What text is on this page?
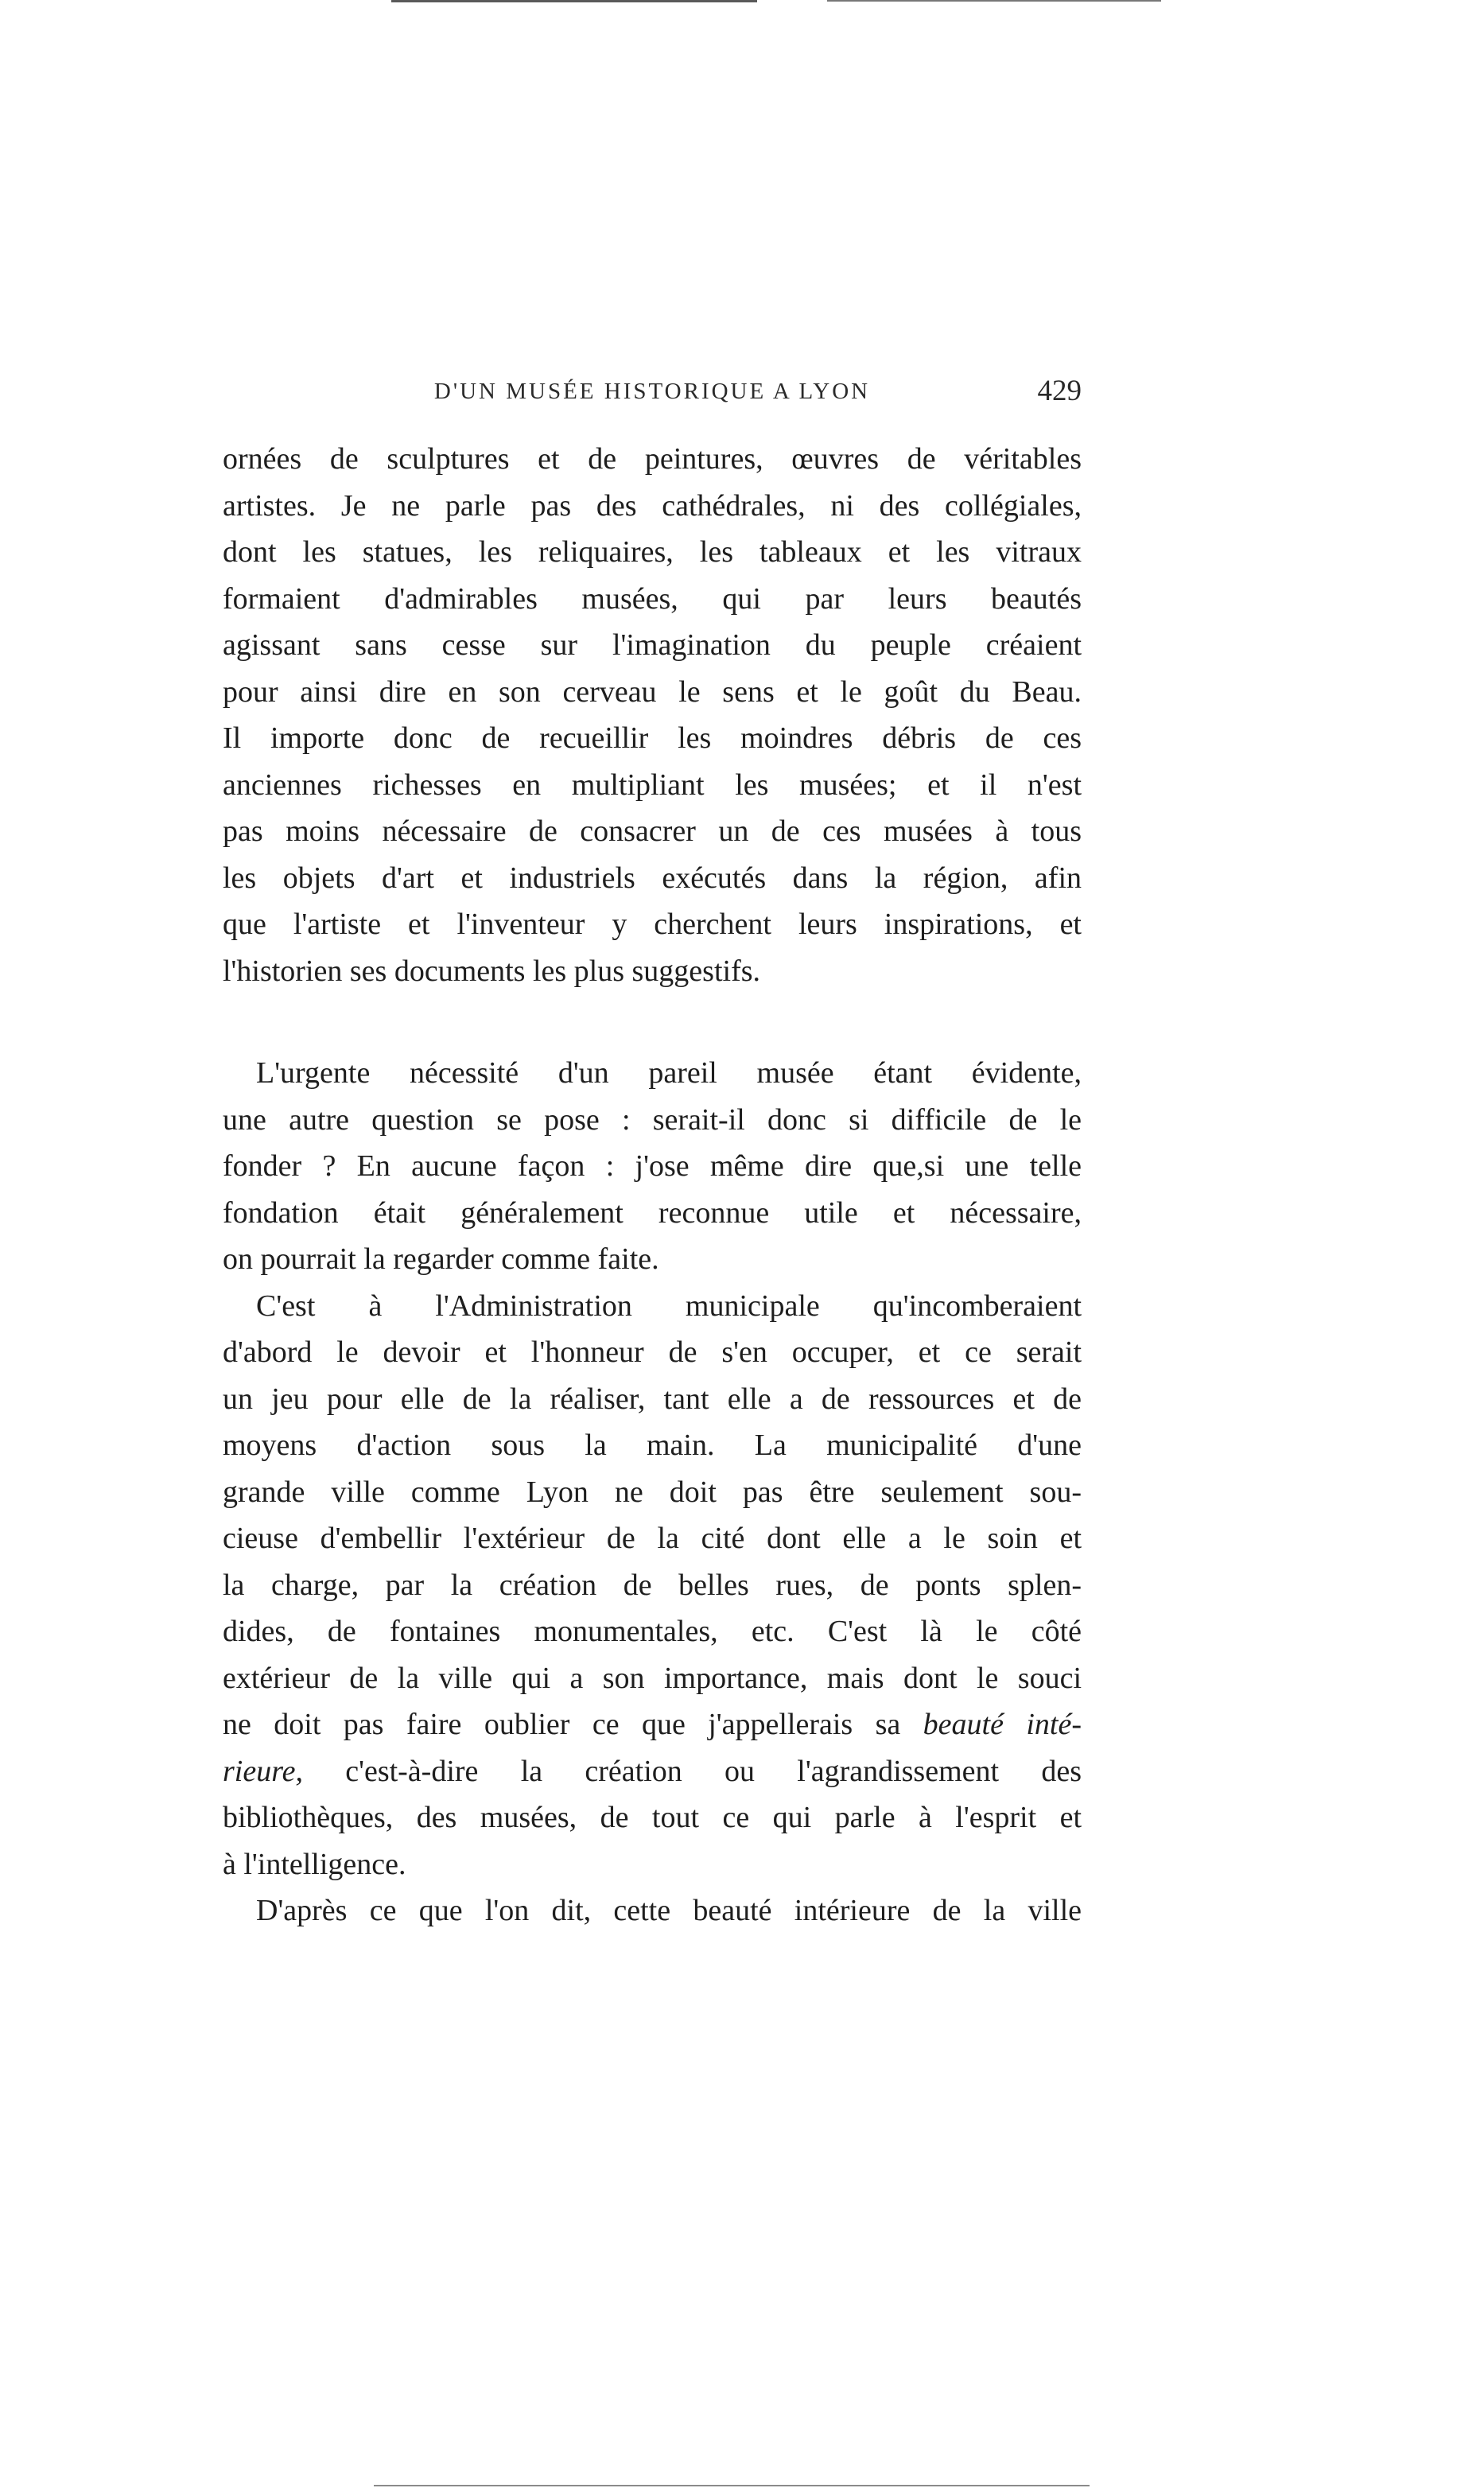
D'UN MUSÉE HISTORIQUE A LYON	429

ornées de sculptures et de peintures, œuvres de véritables
artistes. Je ne parle pas des cathédrales, ni des collégiales,
dont les statues, les reliquaires, les tableaux et les vitraux
formaient d'admirables musées, qui par leurs beautés
agissant sans cesse sur l'imagination du peuple créaient
pour ainsi dire en son cerveau le sens et le goût du Beau.
Il importe donc de recueillir les moindres débris de ces
anciennes richesses en multipliant les musées; et il n'est
pas moins nécessaire de consacrer un de ces musées à tous
les objets d'art et industriels exécutés dans la région, afin
que l'artiste et l'inventeur y cherchent leurs inspirations, et
l'historien ses documents les plus suggestifs.

L'urgente nécessité d'un pareil musée étant évidente,
une autre question se pose : serait-il donc si difficile de le
fonder ? En aucune façon : j'ose même dire que,si une telle
fondation était généralement reconnue utile et nécessaire,
on pourrait la regarder comme faite.

C'est à l'Administration municipale qu'incomberaient
d'abord le devoir et l'honneur de s'en occuper, et ce serait
un jeu pour elle de la réaliser, tant elle a de ressources et de
moyens d'action sous la main. La municipalité d'une
grande ville comme Lyon ne doit pas être seulement sou-
cieuse d'embellir l'extérieur de la cité dont elle a le soin et
la charge, par la création de belles rues, de ponts splen-
dides, de fontaines monumentales, etc. C'est là le côté
extérieur de la ville qui a son importance, mais dont le souci
ne doit pas faire oublier ce que j'appellerais sa beauté inté-
rieure, c'est-à-dire la création ou l'agrandissement des
bibliothèques, des musées, de tout ce qui parle à l'esprit et
à l'intelligence.

D'après ce que l'on dit, cette beauté intérieure de la ville
